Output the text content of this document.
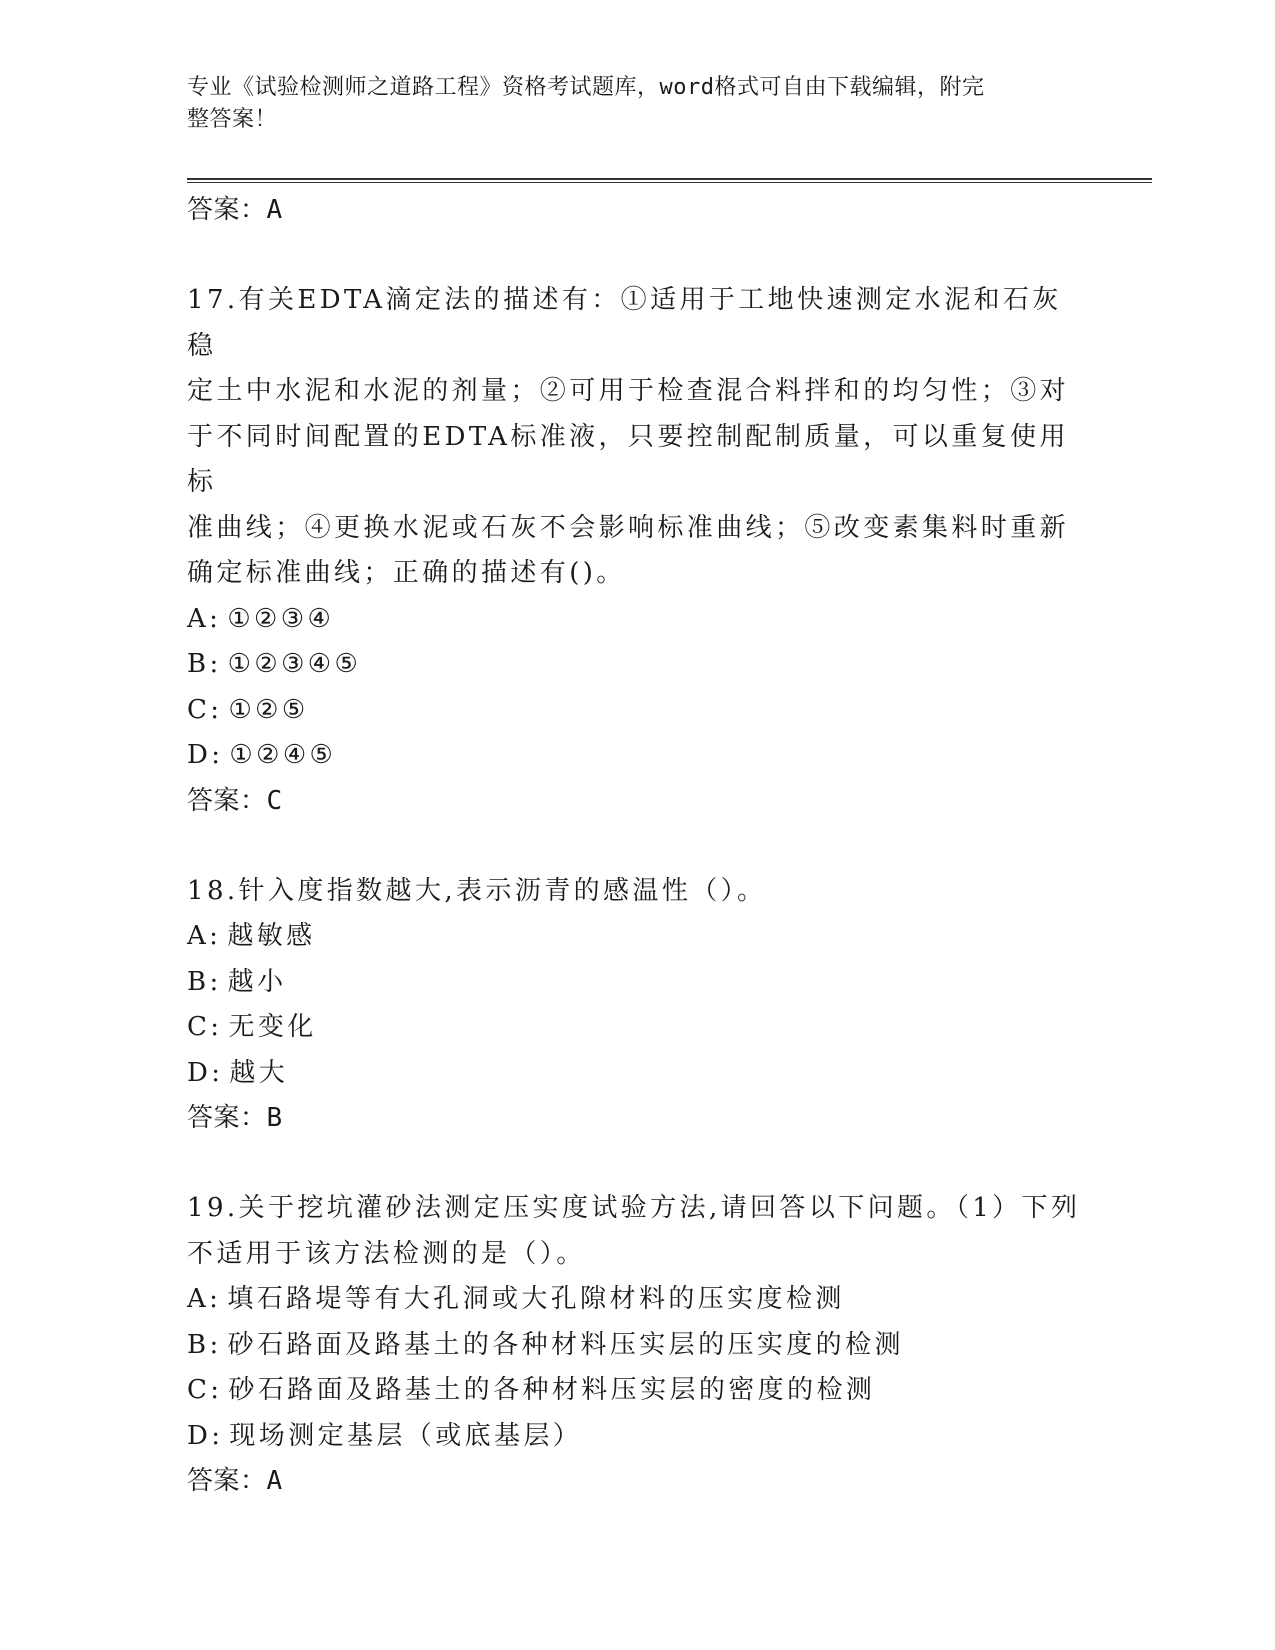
专业《试验检测师之道路工程》资格考试题库，word格式可自由下载编辑，附完
整答案！

答案：A

17.有关EDTA滴定法的描述有：①适用于工地快速测定水泥和石灰稳

定土中水泥和水泥的剂量；②可用于检查混合料拌和的均匀性；③对

于不同时间配置的EDTA标准液，只要控制配制质量，可以重复使用标

准曲线；④更换水泥或石灰不会影响标准曲线；⑤改变素集料时重新

确定标准曲线；正确的描述有()。

A: ①②③④

B: ①②③④⑤

C: ①②⑤

D: ①②④⑤

答案：C

18.针入度指数越大,表示沥青的感温性（）。

A: 越敏感

B: 越小

C: 无变化

D: 越大

答案：B

19.关于挖坑灌砂法测定压实度试验方法,请回答以下问题。（1）下列

不适用于该方法检测的是（）。

A: 填石路堤等有大孔洞或大孔隙材料的压实度检测

B: 砂石路面及路基土的各种材料压实层的压实度的检测

C: 砂石路面及路基土的各种材料压实层的密度的检测

D: 现场测定基层（或底基层）

答案：A
